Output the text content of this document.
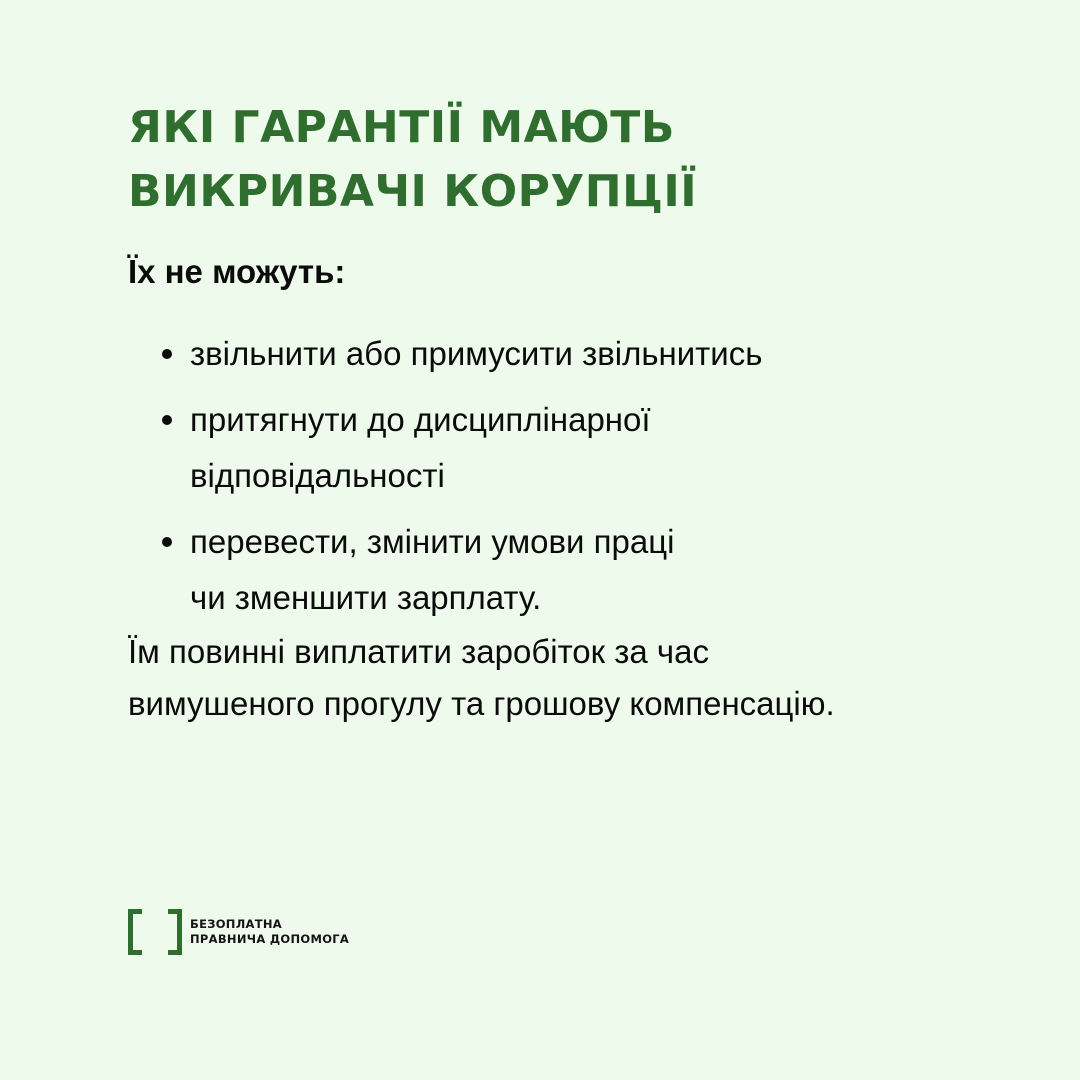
ЯКІ ГАРАНТІЇ МАЮТЬ
ВИКРИВАЧІ КОРУПЦІЇ

Їх не можуть:

звільнити або примусити звільнитись
притягнути до дисциплінарної
відповідальності
перевести, змінити умови праці
чи зменшити зарплату.

Їм повинні виплатити заробіток за час
вимушеного прогулу та грошову компенсацію.

БЕЗОПЛАТНА
ПРАВНИЧА ДОПОМОГА
